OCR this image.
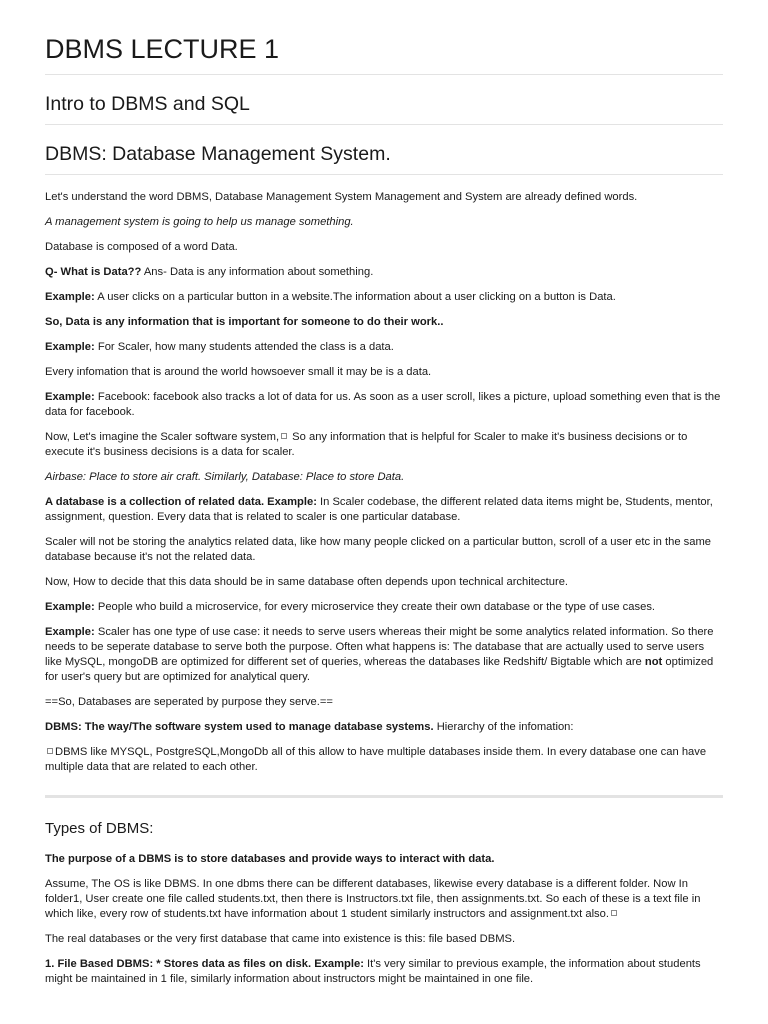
DBMS LECTURE 1
Intro to DBMS and SQL
DBMS: Database Management System.

Let's understand the word DBMS, Database Management System Management and System are already defined words.

A management system is going to help us manage something.

Database is composed of a word Data.

Q- What is Data?? Ans- Data is any information about something.

Example: A user clicks on a particular button in a website.The information about a user clicking on a button is Data.

So, Data is any information that is important for someone to do their work..

Example: For Scaler, how many students attended the class is a data.

Every infomation that is around the world howsoever small it may be is a data.

Example: Facebook: facebook also tracks a lot of data for us. As soon as a user scroll, likes a picture, upload something even that is the data for facebook.

Now, Let's imagine the Scaler software system, So any information that is helpful for Scaler to make it's business decisions or to execute it's business decisions is a data for scaler.

Airbase: Place to store air craft. Similarly, Database: Place to store Data.

A database is a collection of related data. Example: In Scaler codebase, the different related data items might be, Students, mentor, assignment, question. Every data that is related to scaler is one particular database.

Scaler will not be storing the analytics related data, like how many people clicked on a particular button, scroll of a user etc in the same database because it's not the related data.

Now, How to decide that this data should be in same database often depends upon technical architecture.

Example: People who build a microservice, for every microservice they create their own database or the type of use cases.

Example: Scaler has one type of use case: it needs to serve users whereas their might be some analytics related information. So there needs to be seperate database to serve both the purpose. Often what happens is: The database that are actually used to serve users like MySQL, mongoDB are optimized for different set of queries, whereas the databases like Redshift/ Bigtable which are not optimized for user's query but are optimized for analytical query.

==So, Databases are seperated by purpose they serve.==

DBMS: The way/The software system used to manage database systems. Hierarchy of the infomation:

DBMS like MYSQL, PostgreSQL,MongoDb all of this allow to have multiple databases inside them. In every database one can have multiple data that are related to each other.

Types of DBMS:

The purpose of a DBMS is to store databases and provide ways to interact with data.

Assume, The OS is like DBMS. In one dbms there can be different databases, likewise every database is a different folder. Now In folder1, User create one file called students.txt, then there is Instructors.txt file, then assignments.txt. So each of these is a text file in which like, every row of students.txt have information about 1 student similarly instructors and assignment.txt also.

The real databases or the very first database that came into existence is this: file based DBMS.

1. File Based DBMS: * Stores data as files on disk. Example: It's very similar to previous example, the information about students might be maintained in 1 file, similarly information about instructors might be maintained in one file.
